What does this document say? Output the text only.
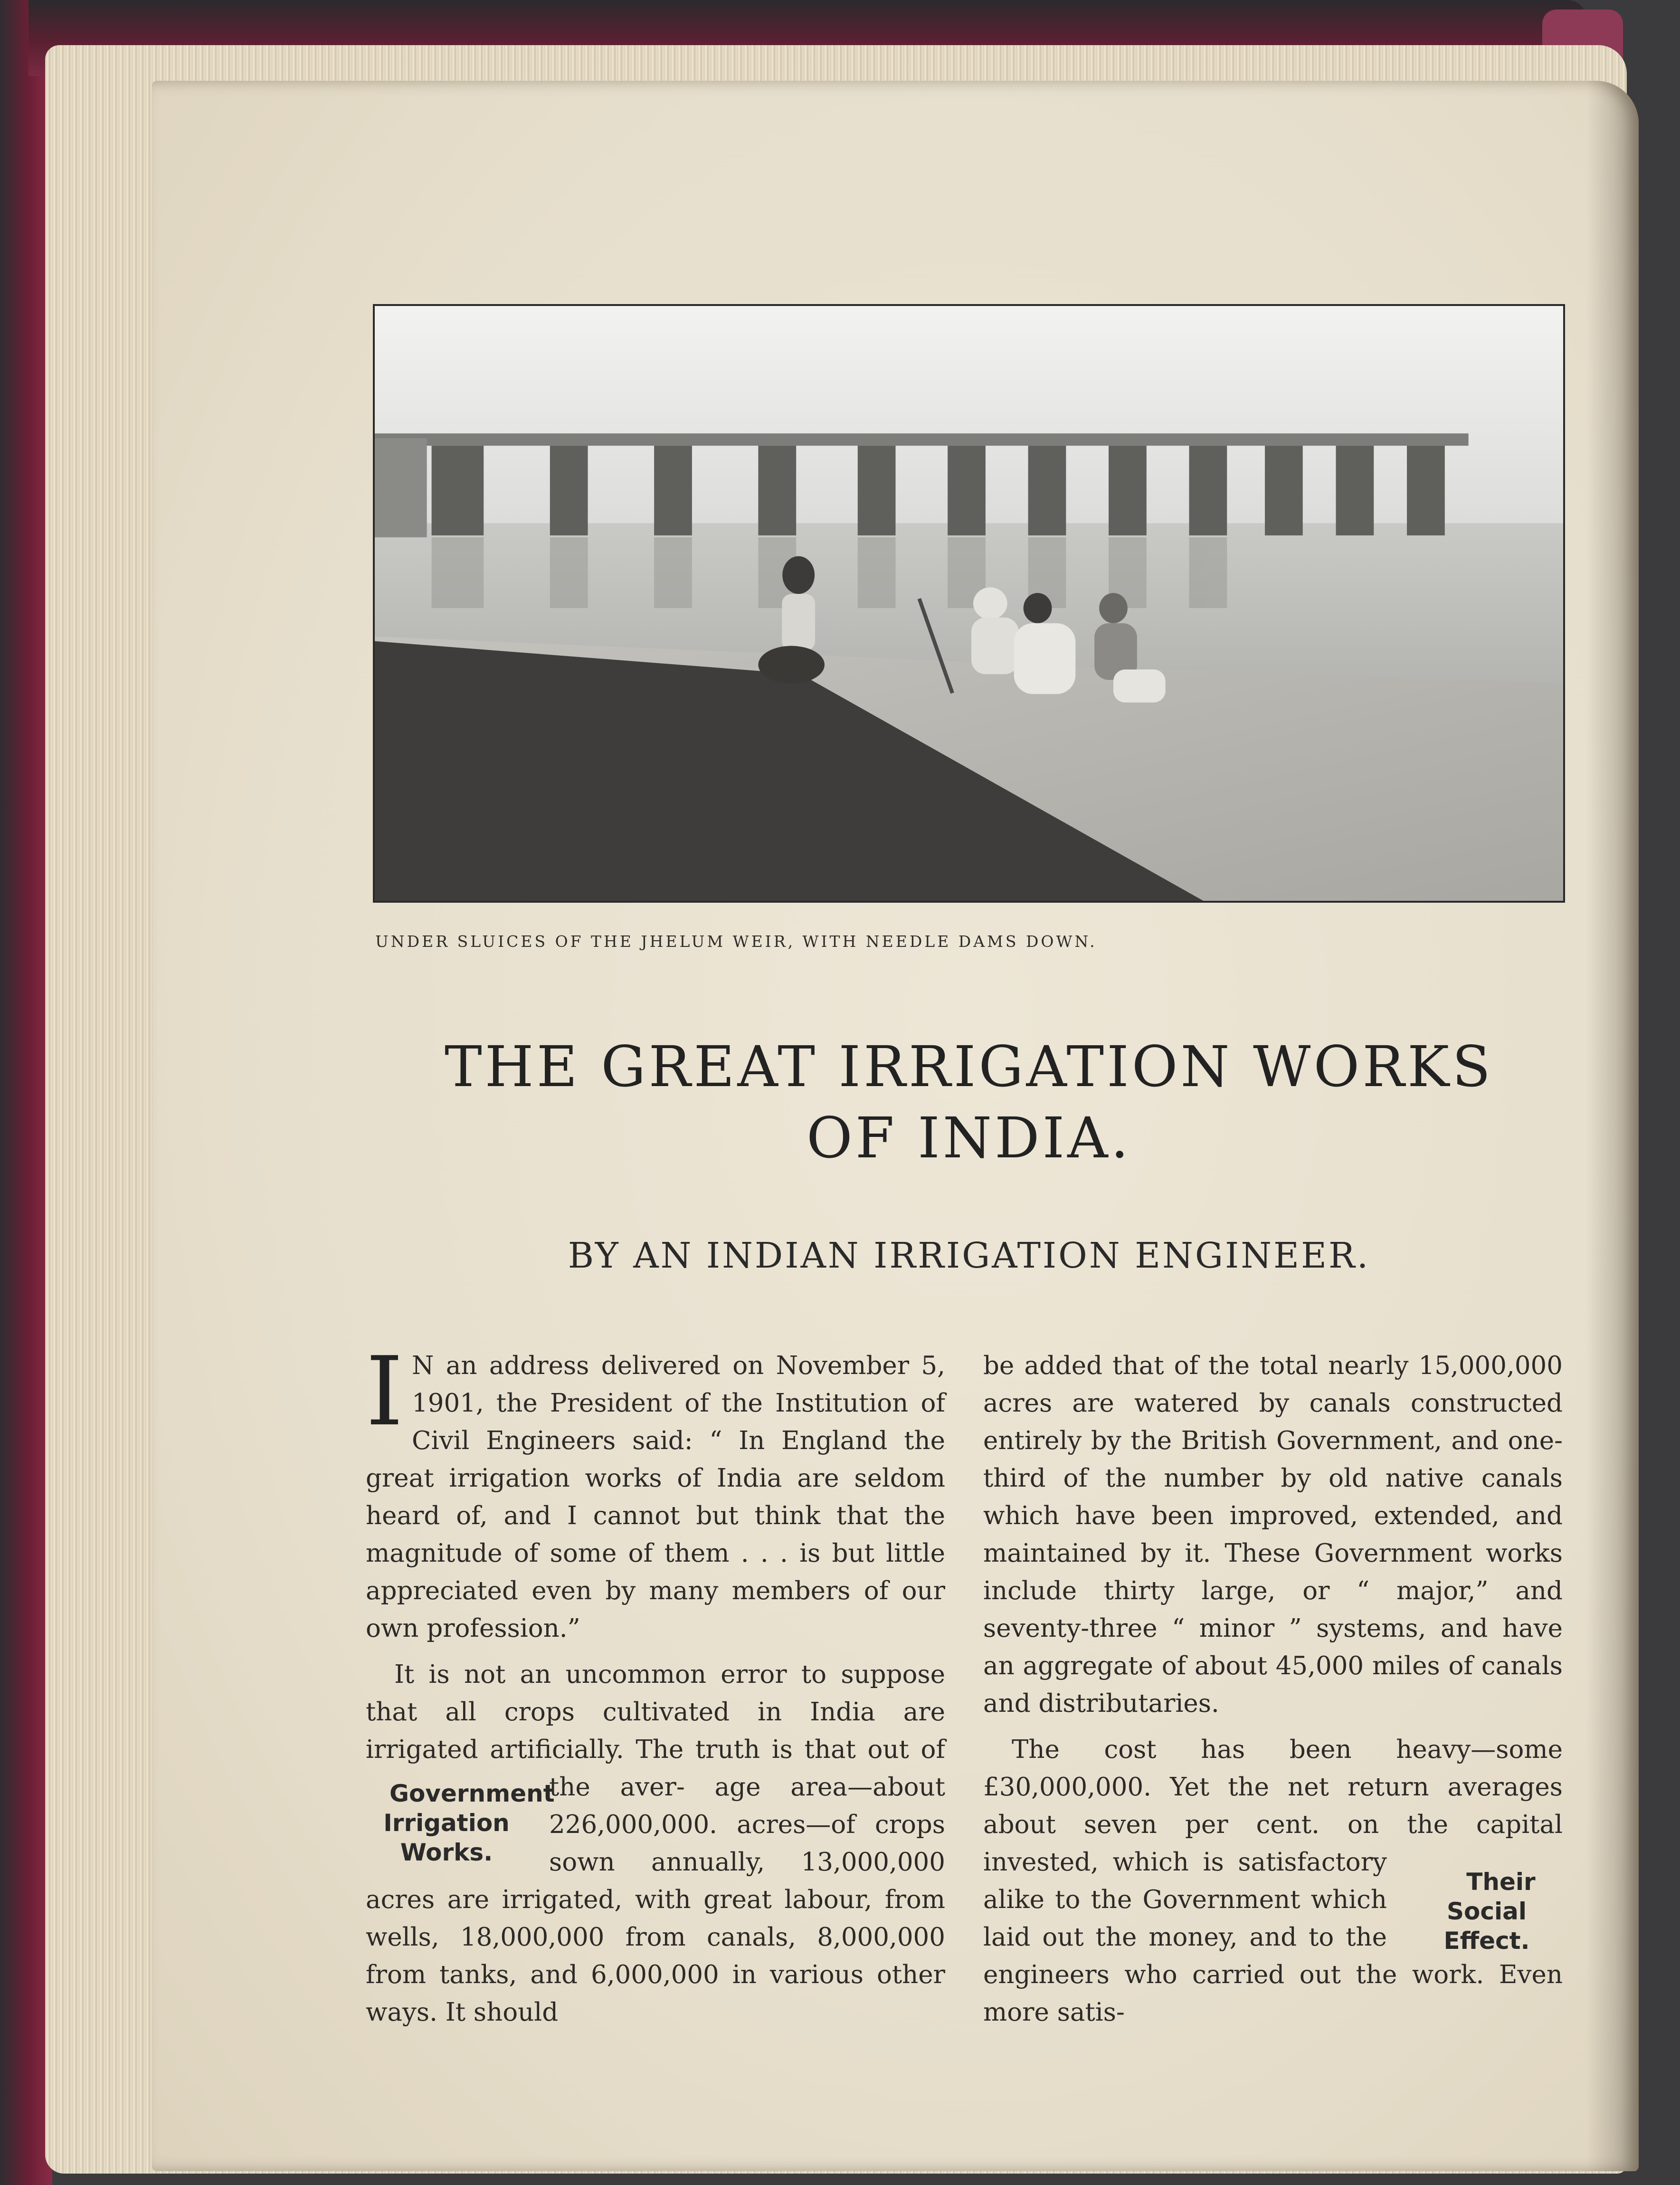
UNDER SLUICES OF THE JHELUM WEIR, WITH NEEDLE DAMS DOWN.
THE GREAT IRRIGATION WORKS
OF INDIA.
BY AN INDIAN IRRIGATION ENGINEER.

I N an address delivered on November 5, 1901, the President of the Institution of Civil Engineers said: “ In England the great irrigation works of India are seldom heard of, and I cannot but think that the magnitude of some of them . . . is but little appreciated even by many members of our own profession.”

It is not an uncommon error to suppose that all crops cultivated in India are irrigated artificially. The truth is that out of the aver-
Government
Irrigation
Works.
age area—about 226,000,000. acres—of crops sown annually, 13,000,000 acres are irrigated, with great labour, from wells, 18,000,000 from canals, 8,000,000 from tanks, and 6,000,000 in various other ways. It should

be added that of the total nearly 15,000,000 acres are watered by canals constructed entirely by the British Government, and one-third of the number by old native canals which have been improved, extended, and maintained by it. These Government works include thirty large, or “ major,” and seventy-three “ minor ” systems, and have an aggregate of about 45,000 miles of canals and distributaries.

The cost has been heavy—some £30,000,000. Yet the net return averages about seven per cent. on the capital invested,
Their Social
Effect.
which is satisfactory alike to the Government which laid out the money, and to the engineers who carried out the work. Even more satis-
